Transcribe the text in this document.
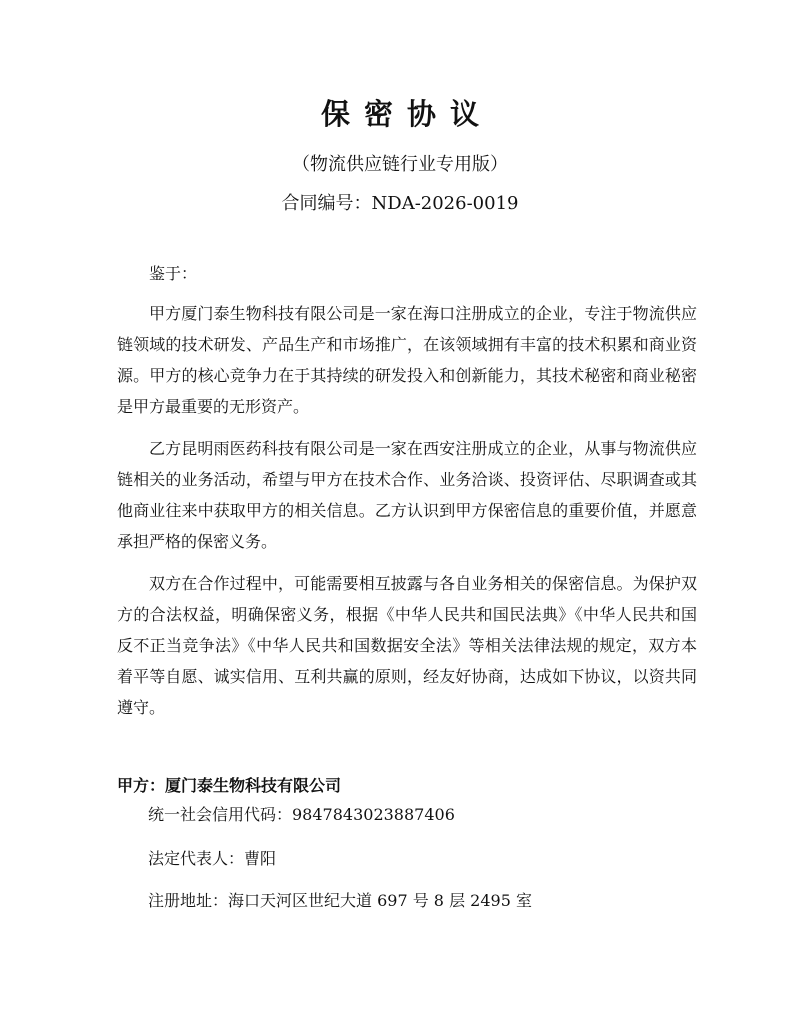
保密协议

（物流供应链行业专用版）

合同编号：NDA-2026-0019

鉴于：

甲方厦门泰生物科技有限公司是一家在海口注册成立的企业，专注于物流供应链领域的技术研发、产品生产和市场推广，在该领域拥有丰富的技术积累和商业资源。甲方的核心竞争力在于其持续的研发投入和创新能力，其技术秘密和商业秘密是甲方最重要的无形资产。

乙方昆明雨医药科技有限公司是一家在西安注册成立的企业，从事与物流供应链相关的业务活动，希望与甲方在技术合作、业务洽谈、投资评估、尽职调查或其他商业往来中获取甲方的相关信息。乙方认识到甲方保密信息的重要价值，并愿意承担严格的保密义务。

双方在合作过程中，可能需要相互披露与各自业务相关的保密信息。为保护双方的合法权益，明确保密义务，根据《中华人民共和国民法典》《中华人民共和国反不正当竞争法》《中华人民共和国数据安全法》等相关法律法规的规定，双方本着平等自愿、诚实信用、互利共赢的原则，经友好协商，达成如下协议，以资共同遵守。

甲方：厦门泰生物科技有限公司

统一社会信用代码：9847843023887406

法定代表人：曹阳

注册地址：海口天河区世纪大道 697 号 8 层 2495 室
